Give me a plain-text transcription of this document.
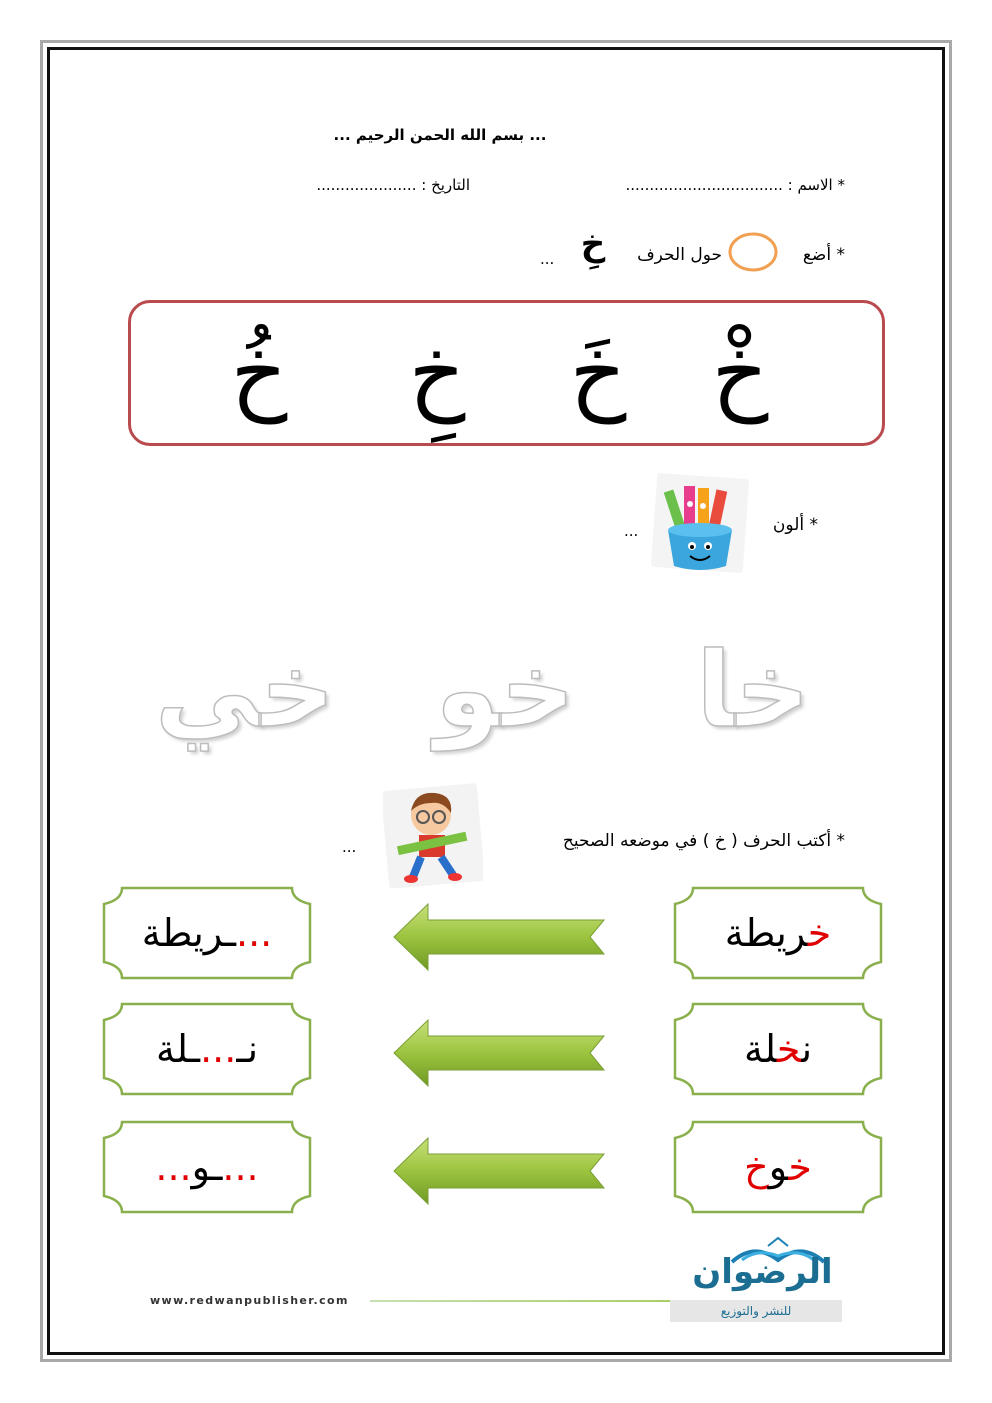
... بسم الله الحمن الرحيم ...
* الاسم : .................................
التاريخ : .....................
* أضع
حول الحرف
خِ
...
خْ
خَ
خِ
خُ
* ألون
...
خا
خو
خي
* أكتب الحرف ( خ ) في موضعه الصحيح
...
خريطة
...ـريطة
نخلة
نـ...ـلة
خوخ
...ـو...
www.redwanpublisher.com
الرضوان
للنشر والتوزيع
